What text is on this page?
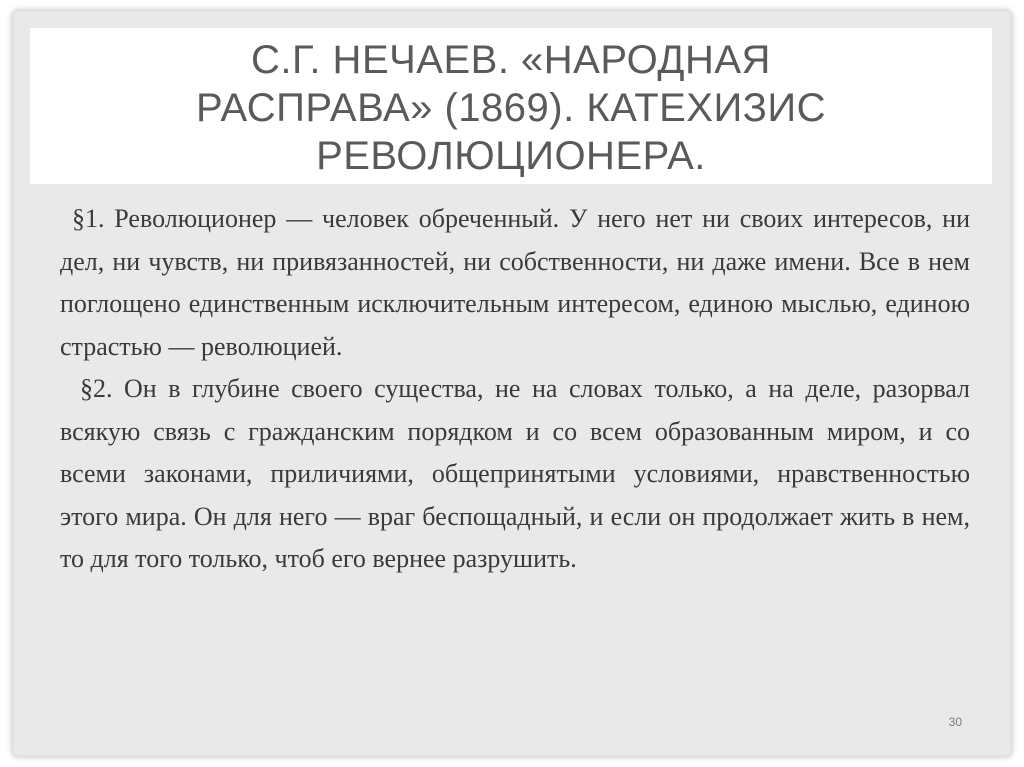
С.Г. НЕЧАЕВ. «НАРОДНАЯ
РАСПРАВА» (1869). КАТЕХИЗИС
РЕВОЛЮЦИОНЕРА.

§1. Революционер — человек обреченный. У него нет ни своих интересов, ни дел, ни чувств, ни привязанностей, ни собственности, ни даже имени. Все в нем поглощено единственным исключительным интересом, единою мыслью, единою страстью — революцией.

§2. Он в глубине своего существа, не на словах только, а на деле, разорвал всякую связь с гражданским порядком и со всем образованным миром, и со всеми законами, приличиями, общепринятыми условиями, нравственностью этого мира. Он для него — враг беспощадный, и если он продолжает жить в нем, то для того только, чтоб его вернее разрушить.

30
